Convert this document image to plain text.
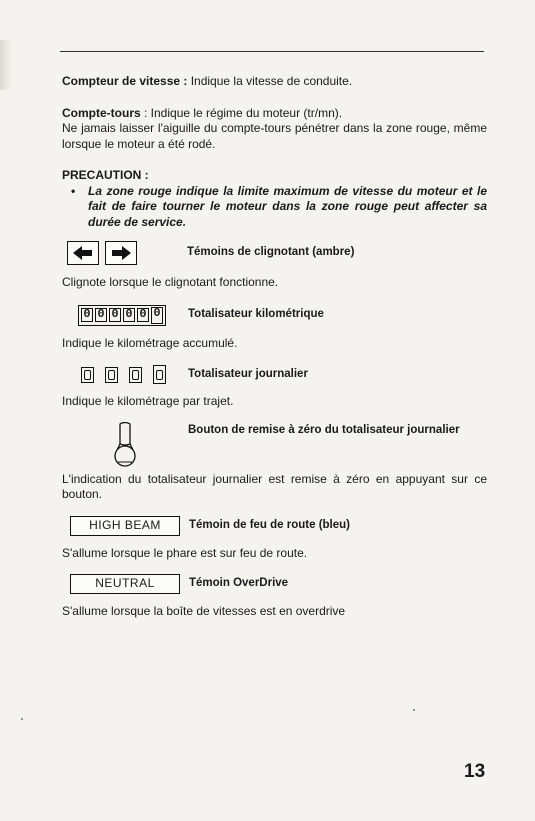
Compteur de vitesse : Indique la vitesse de conduite.

Compte-tours : Indique le régime du moteur (tr/mn).

Ne jamais laisser l'aiguille du compte-tours pénétrer dans la zone rouge, même lorsque le moteur a été rodé.

PRECAUTION :

• La zone rouge indique la limite maximum de vitesse du moteur et le fait de faire tourner le moteur dans la zone rouge peut affecter sa durée de service.
Témoins de clignotant (ambre)

Clignote lorsque le clignotant fonctionne.

0 0 0 0 0 0 Totalisateur kilométrique

Indique le kilométrage accumulé.

Totalisateur journalier

Indique le kilométrage par trajet.

Bouton de remise à zéro du totalisateur journalier

L'indication du totalisateur journalier est remise à zéro en appuyant sur ce bouton.

HIGH BEAM Témoin de feu de route (bleu)

S'allume lorsque le phare est sur feu de route.

NEUTRAL	Témoin OverDrive

S'allume lorsque la boîte de vitesses est en overdrive

13
